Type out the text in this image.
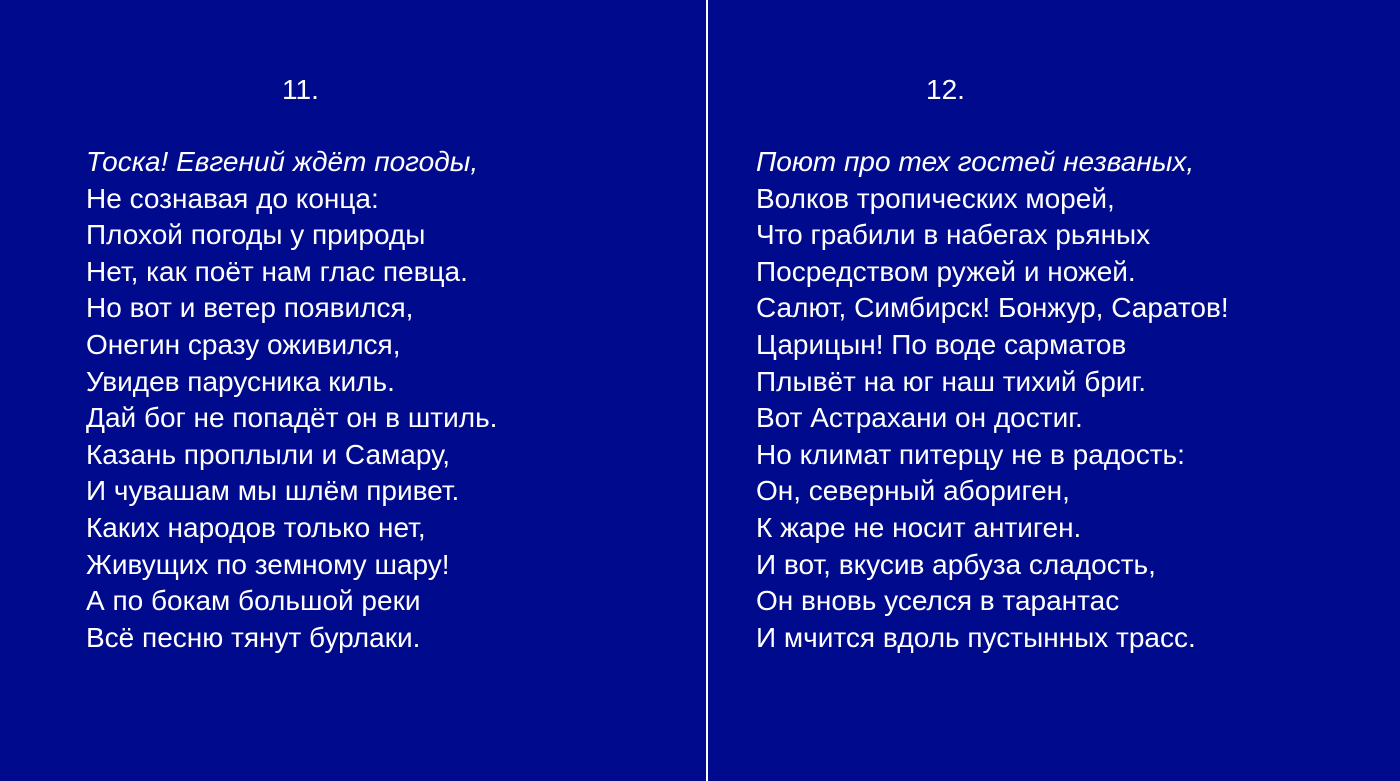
11.
Тоска! Евгений ждёт погоды,
Не сознавая до конца:
Плохой погоды у природы
Нет, как поёт нам глас певца.
Но вот и ветер появился,
Онегин сразу оживился,
Увидев парусника киль.
Дай бог не попадёт он в штиль.
Казань проплыли и Самару,
И чувашам мы шлём привет.
Каких народов только нет,
Живущих по земному шару!
А по бокам большой реки
Всё песню тянут бурлаки.
12.
Поют про тех гостей незваных,
Волков тропических морей,
Что грабили в набегах рьяных
Посредством ружей и ножей.
Салют, Симбирск! Бонжур, Саратов!
Царицын! По воде сарматов
Плывёт на юг наш тихий бриг.
Вот Астрахани он достиг.
Но климат питерцу не в радость:
Он, северный абориген,
К жаре не носит антиген.
И вот, вкусив арбуза сладость,
Он вновь уселся в тарантас
И мчится вдоль пустынных трасс.
